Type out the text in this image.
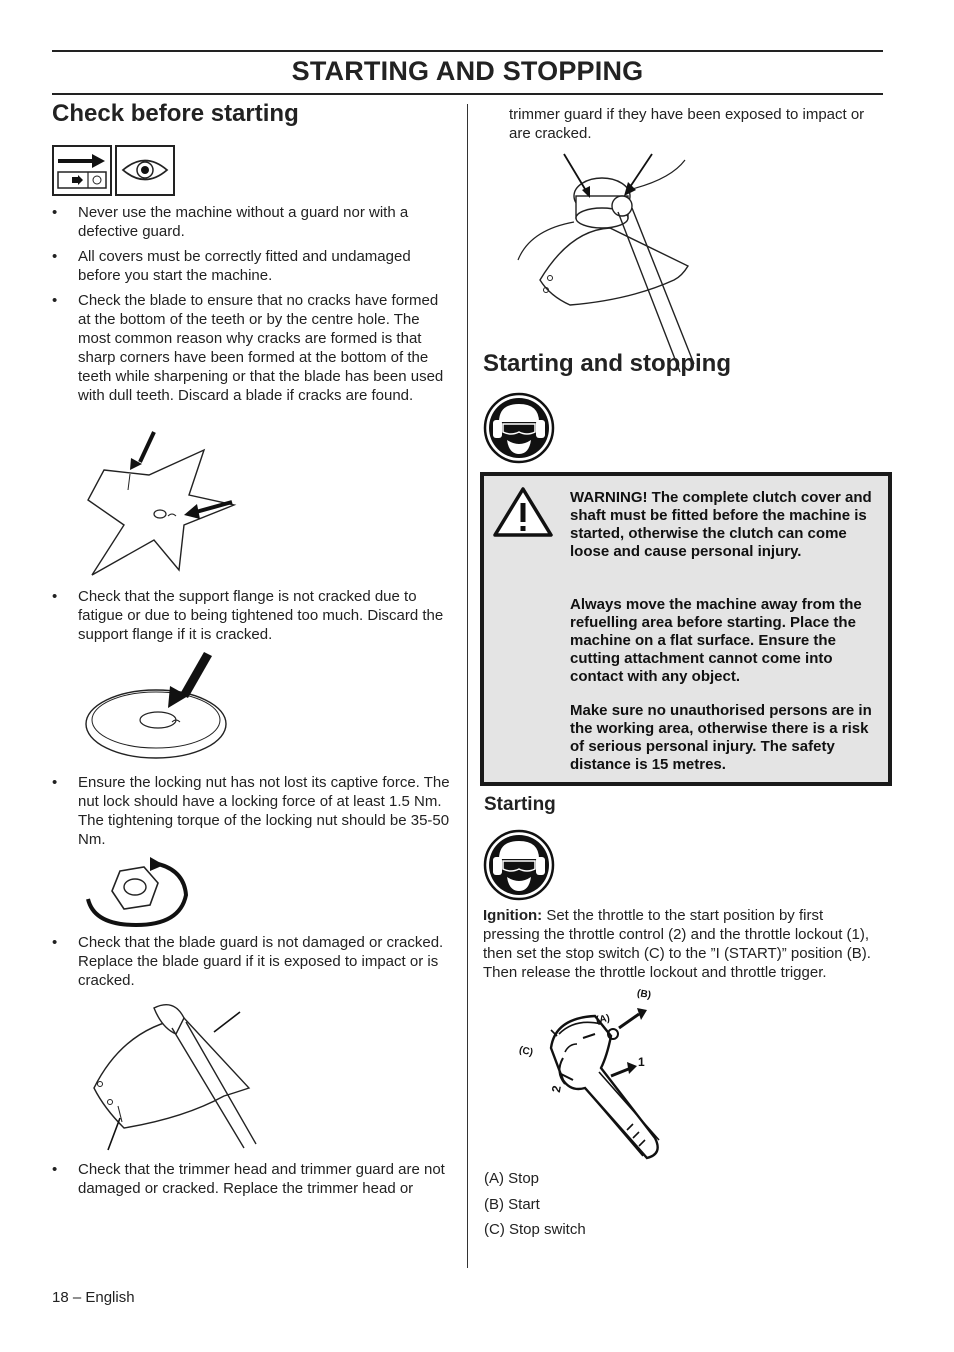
STARTING AND STOPPING
Check before starting
•	Never use the machine without a guard nor with a defective guard.
•	All covers must be correctly fitted and undamaged before you start the machine.
•	Check the blade to ensure that no cracks have formed at the bottom of the teeth or by the centre hole. The most common reason why cracks are formed is that sharp corners have been formed at the bottom of the teeth while sharpening or that the blade has been used with dull teeth. Discard a blade if cracks are found.
•	Check that the support flange is not cracked due to fatigue or due to being tightened too much. Discard the support flange if it is cracked.
•	Ensure the locking nut has not lost its captive force. The nut lock should have a locking force of at least 1.5 Nm. The tightening torque of the locking nut should be 35-50 Nm.
•	Check that the blade guard is not damaged or cracked. Replace the blade guard if it is exposed to impact or is cracked.
•	Check that the trimmer head and trimmer guard are not damaged or cracked. Replace the trimmer head or
trimmer guard if they have been exposed to impact or are cracked.
Starting and stopping
WARNING! The complete clutch cover and shaft must be fitted before the machine is started, otherwise the clutch can come loose and cause personal injury.
Always move the machine away from the refuelling area before starting. Place the machine on a flat surface. Ensure the cutting attachment cannot come into contact with any object.
Make sure no unauthorised persons are in the working area, otherwise there is a risk of serious personal injury. The safety distance is 15 metres.
Starting
Ignition: Set the throttle to the start position by first pressing the throttle control (2) and the throttle lockout (1), then set the stop switch (C) to the ”I (START)” position (B). Then release the throttle lockout and throttle trigger.
(B)
(A)
(C)
1
2
(A) Stop
(B) Start
(C) Stop switch
18 – English
